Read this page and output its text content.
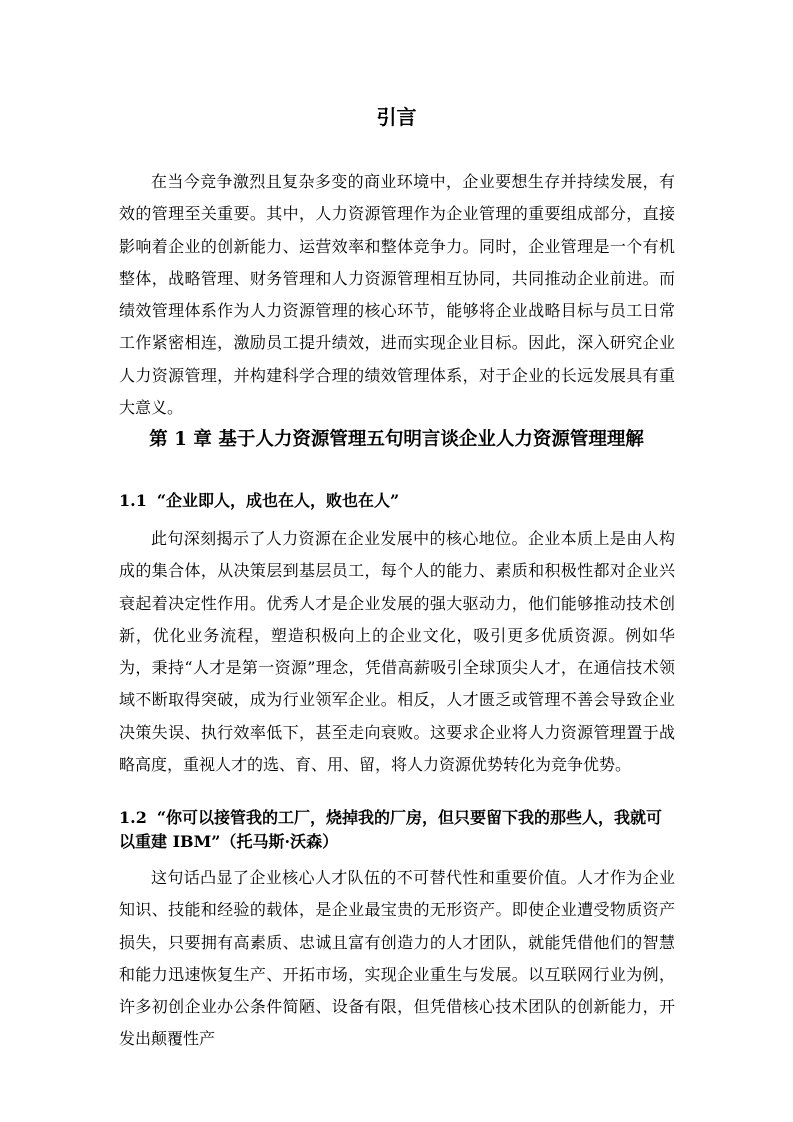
引言

在当今竞争激烈且复杂多变的商业环境中，企业要想生存并持续发展，有效的管理至关重要。其中，人力资源管理作为企业管理的重要组成部分，直接影响着企业的创新能力、运营效率和整体竞争力。同时，企业管理是一个有机整体，战略管理、财务管理和人力资源管理相互协同，共同推动企业前进。而绩效管理体系作为人力资源管理的核心环节，能够将企业战略目标与员工日常工作紧密相连，激励员工提升绩效，进而实现企业目标。因此，深入研究企业人力资源管理，并构建科学合理的绩效管理体系，对于企业的长远发展具有重大意义。

第 1 章 基于人力资源管理五句明言谈企业人力资源管理理解
1.1 “企业即人，成也在人，败也在人”

此句深刻揭示了人力资源在企业发展中的核心地位。企业本质上是由人构成的集合体，从决策层到基层员工，每个人的能力、素质和积极性都对企业兴衰起着决定性作用。优秀人才是企业发展的强大驱动力，他们能够推动技术创新，优化业务流程，塑造积极向上的企业文化，吸引更多优质资源。例如华为，秉持“人才是第一资源”理念，凭借高薪吸引全球顶尖人才，在通信技术领域不断取得突破，成为行业领军企业。相反，人才匮乏或管理不善会导致企业决策失误、执行效率低下，甚至走向衰败。这要求企业将人力资源管理置于战略高度，重视人才的选、育、用、留，将人力资源优势转化为竞争优势。

1.2 “你可以接管我的工厂，烧掉我的厂房，但只要留下我的那些人，我就可以重建 IBM”（托马斯·沃森）

这句话凸显了企业核心人才队伍的不可替代性和重要价值。人才作为企业知识、技能和经验的载体，是企业最宝贵的无形资产。即使企业遭受物质资产损失，只要拥有高素质、忠诚且富有创造力的人才团队，就能凭借他们的智慧和能力迅速恢复生产、开拓市场，实现企业重生与发展。以互联网行业为例，许多初创企业办公条件简陋、设备有限，但凭借核心技术团队的创新能力，开发出颠覆性产
